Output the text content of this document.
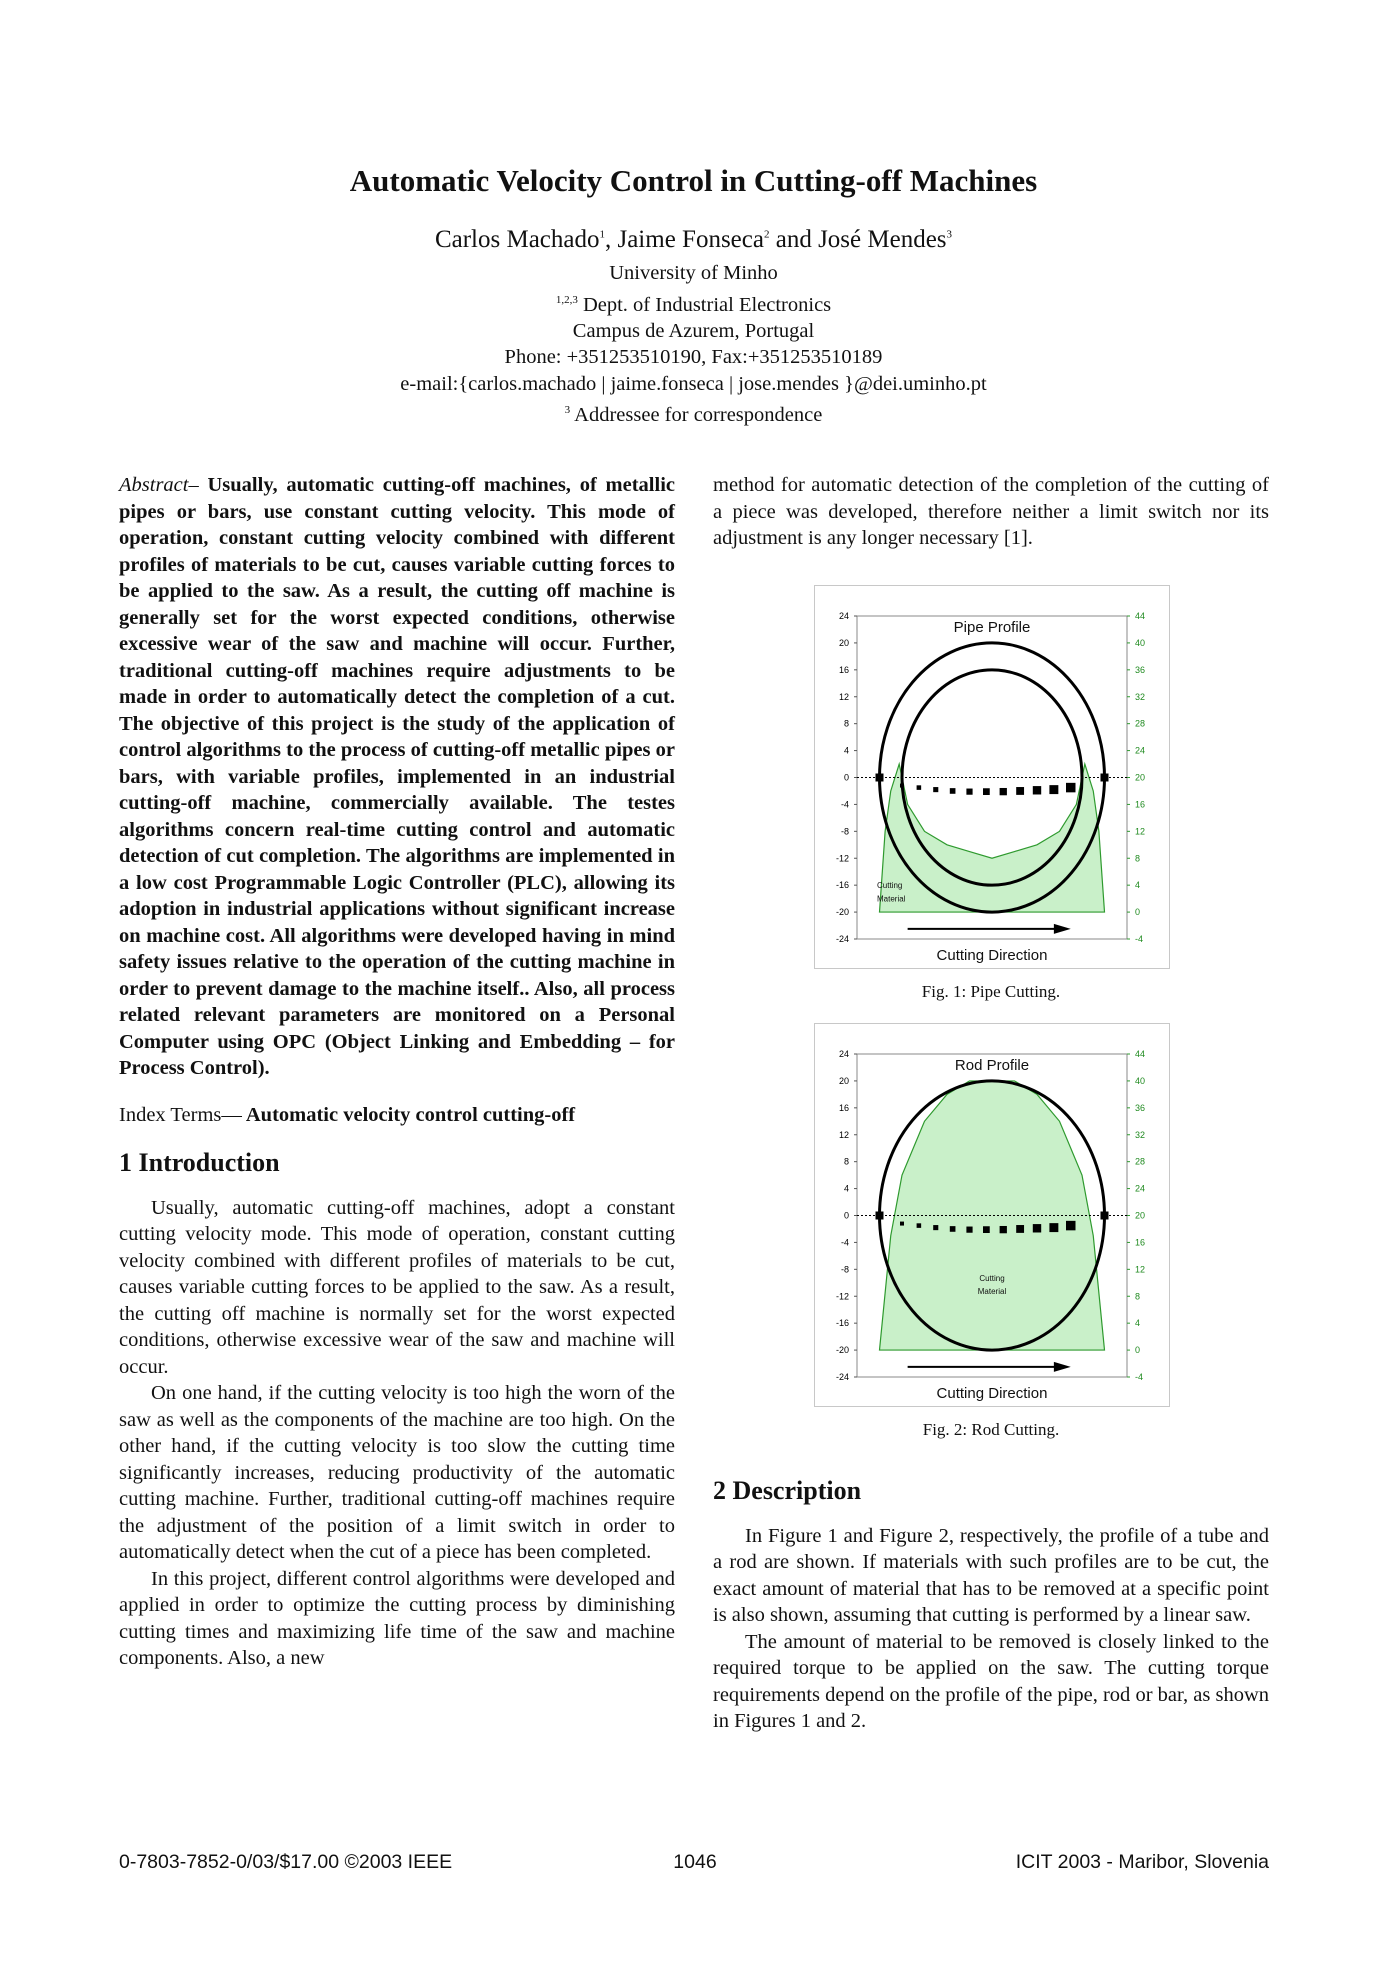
Automatic Velocity Control in Cutting-off Machines
Carlos Machado$^1$, Jaime Fonseca$^2$ and José Mendes$^3$
University of Minho
$^{1,2,3}$ Dept. of Industrial Electronics
Campus de Azurem, Portugal
Phone: +351253510190, Fax:+351253510189
e-mail:{carlos.machado | jaime.fonseca | jose.mendes }@dei.uminho.pt
$^3$ Addressee for correspondence

Abstract– Usually, automatic cutting-off machines, of metallic pipes or bars, use constant cutting velocity. This mode of operation, constant cutting velocity combined with different profiles of materials to be cut, causes variable cutting forces to be applied to the saw. As a result, the cutting off machine is generally set for the worst expected conditions, otherwise excessive wear of the saw and machine will occur. Further, traditional cutting-off machines require adjustments to be made in order to automatically detect the completion of a cut. The objective of this project is the study of the application of control algorithms to the process of cutting-off metallic pipes or bars, with variable profiles, implemented in an industrial cutting-off machine, commercially available. The testes algorithms concern real-time cutting control and automatic detection of cut completion. The algorithms are implemented in a low cost Programmable Logic Controller (PLC), allowing its adoption in industrial applications without significant increase on machine cost. All algorithms were developed having in mind safety issues relative to the operation of the cutting machine in order to prevent damage to the machine itself.. Also, all process related relevant parameters are monitored on a Personal Computer using OPC (Object Linking and Embedding – for Process Control).

Index Terms— Automatic velocity control cutting-off

1 Introduction

Usually, automatic cutting-off machines, adopt a constant cutting velocity mode. This mode of operation, constant cutting velocity combined with different profiles of materials to be cut, causes variable cutting forces to be applied to the saw. As a result, the cutting off machine is normally set for the worst expected conditions, otherwise excessive wear of the saw and machine will occur.

On one hand, if the cutting velocity is too high the worn of the saw as well as the components of the machine are too high. On the other hand, if the cutting velocity is too slow the cutting time significantly increases, reducing productivity of the automatic cutting machine. Further, traditional cutting-off machines require the adjustment of the position of a limit switch in order to automatically detect when the cut of a piece has been completed.

In this project, different control algorithms were developed and applied in order to optimize the cutting process by diminishing cutting times and maximizing life time of the saw and machine components. Also, a new

method for automatic detection of the completion of the cutting of a piece was developed, therefore neither a limit switch nor its adjustment is any longer necessary [1].

24
20
16
12
8
4
0
-4
-8
-12
-16
-20
-24
44
40
36
32
28
24
20
16
12
8
4
0
-4
Pipe Profile
Cutting
Material
Cutting Direction
Fig. 1: Pipe Cutting.
24
20
16
12
8
4
0
-4
-8
-12
-16
-20
-24
44
40
36
32
28
24
20
16
12
8
4
0
-4
Rod Profile
Cutting
Material
Cutting Direction
Fig. 2: Rod Cutting.
2 Description

In Figure 1 and Figure 2, respectively, the profile of a tube and a rod are shown. If materials with such profiles are to be cut, the exact amount of material that has to be removed at a specific point is also shown, assuming that cutting is performed by a linear saw.

The amount of material to be removed is closely linked to the required torque to be applied on the saw. The cutting torque requirements depend on the profile of the pipe, rod or bar, as shown in Figures 1 and 2.

0-7803-7852-0/03/$17.00 ©2003 IEEE	1046	ICIT 2003 - Maribor, Slovenia
